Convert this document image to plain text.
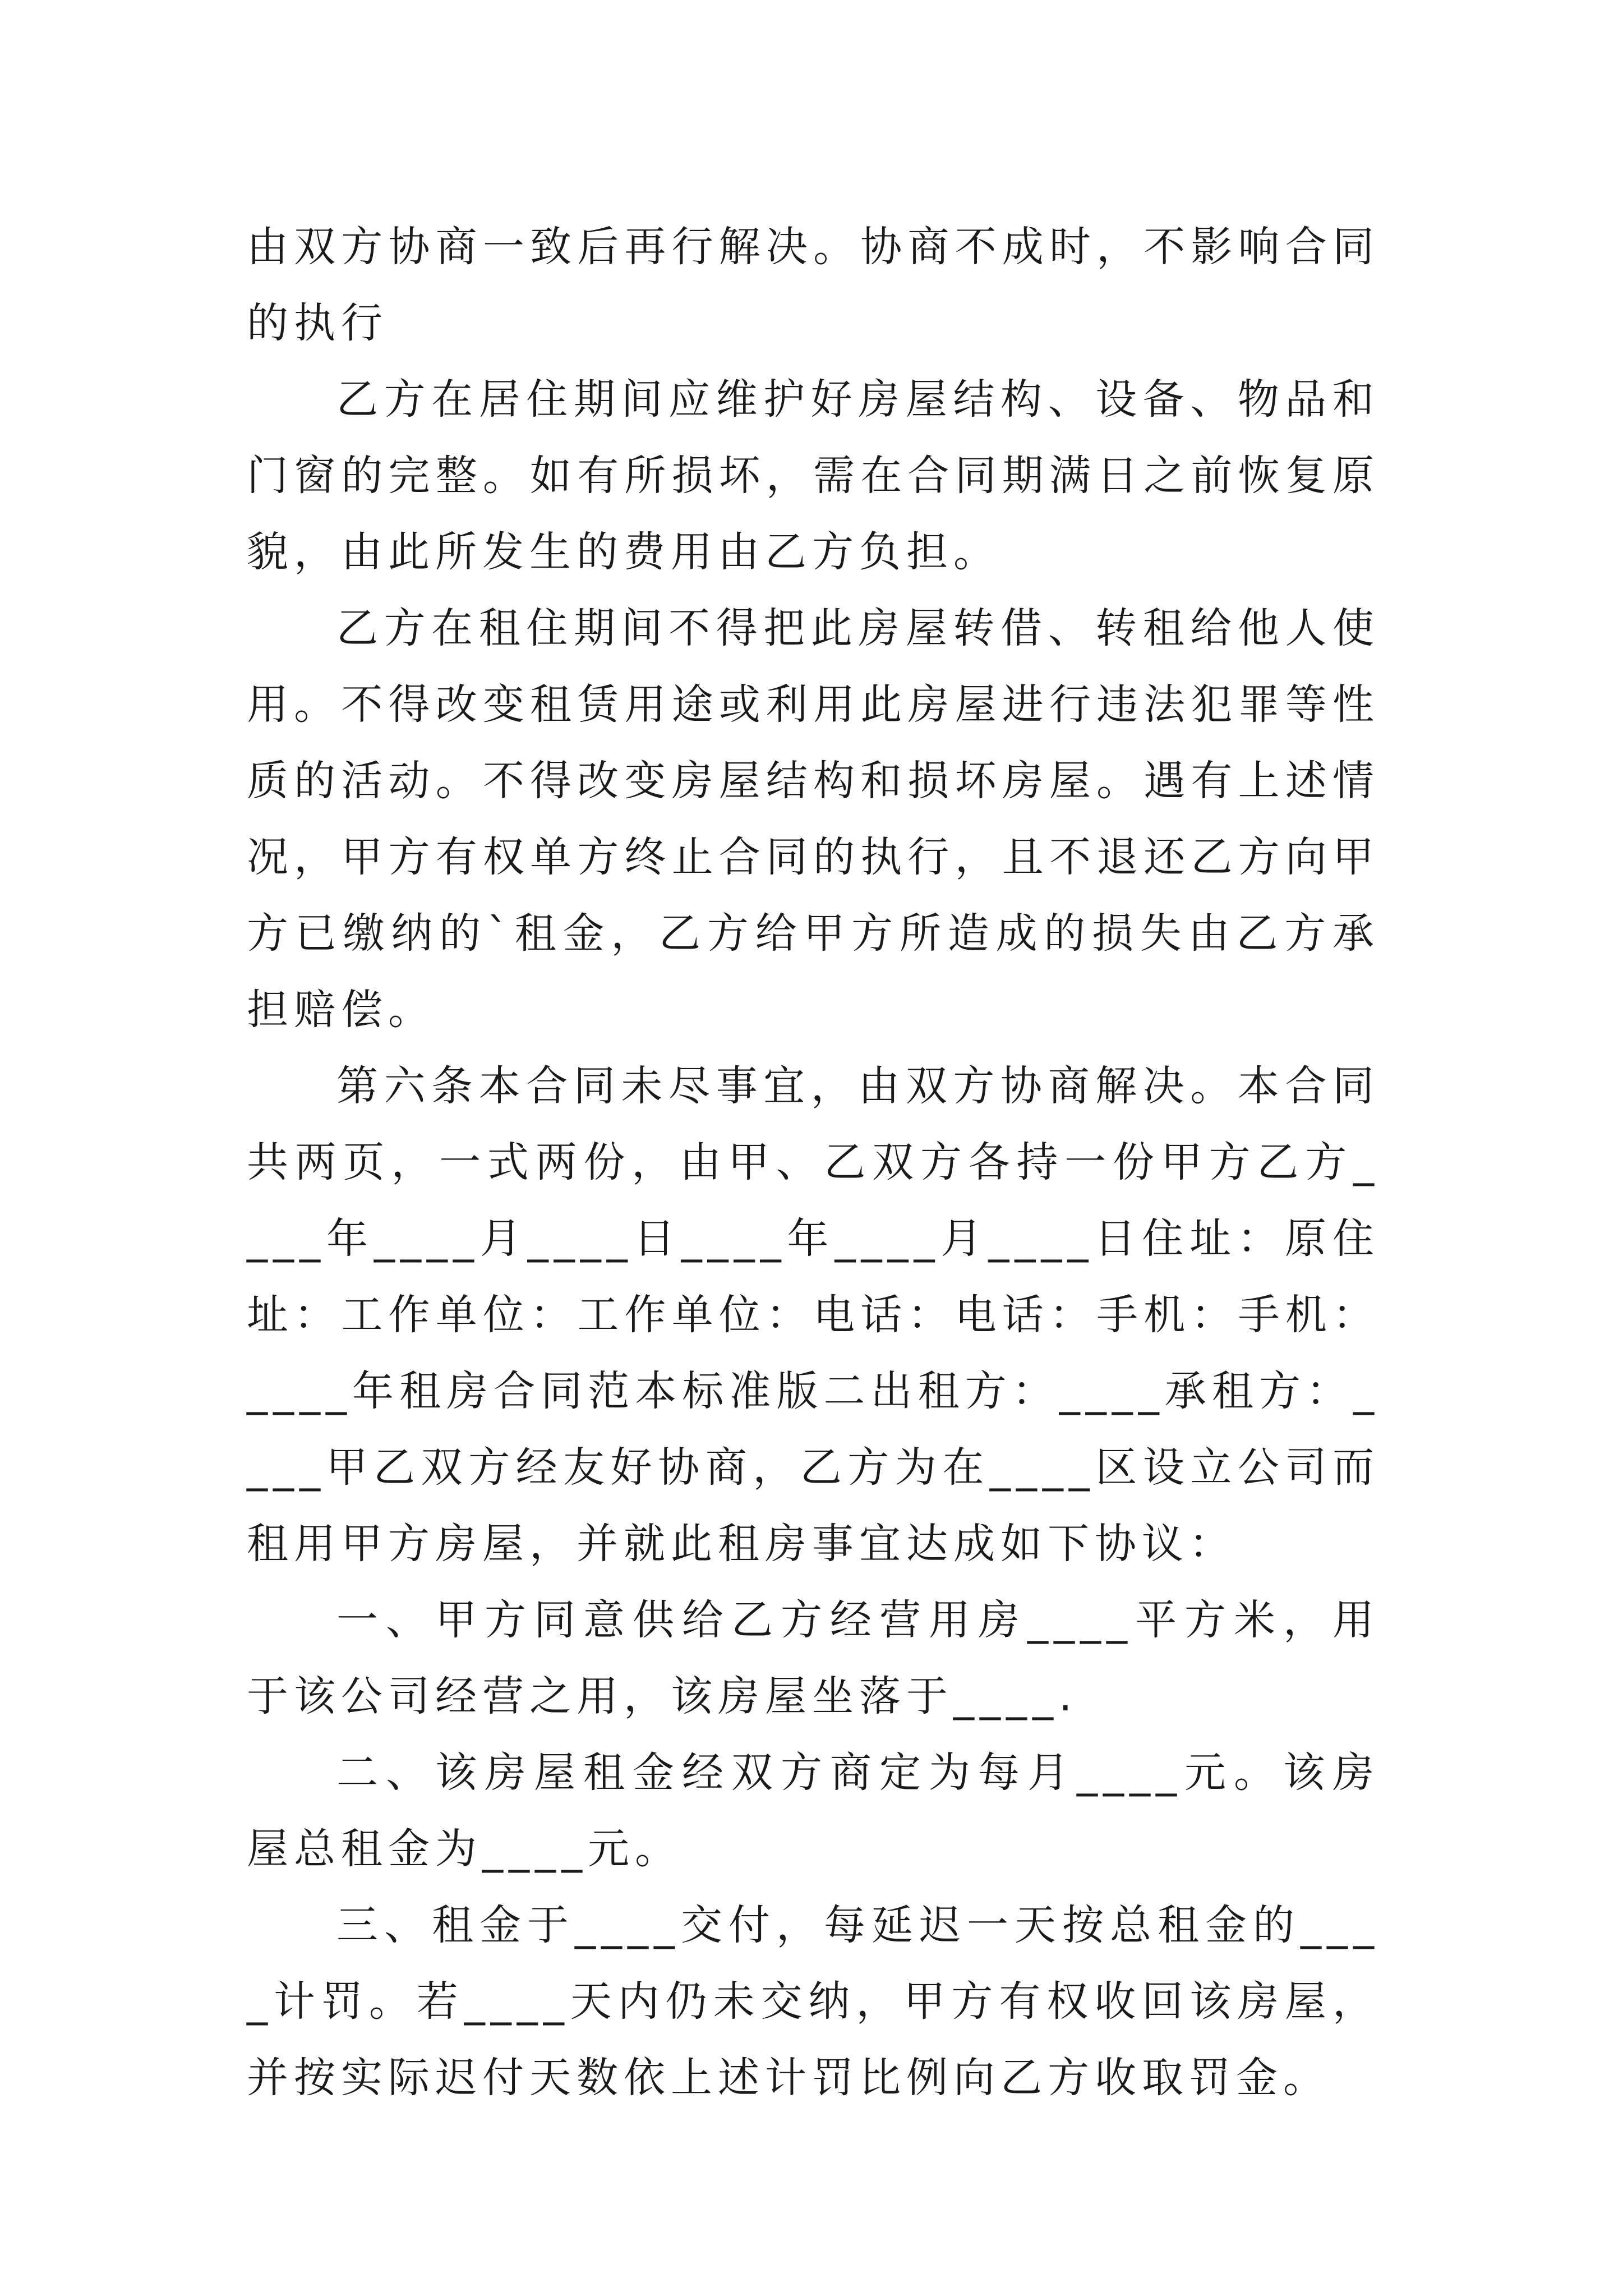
由双方协商一致后再行解决。协商不成时，不影响合同的执行

乙方在居住期间应维护好房屋结构、设备、物品和门窗的完整。如有所损坏，需在合同期满日之前恢复原貌，由此所发生的费用由乙方负担。

乙方在租住期间不得把此房屋转借、转租给他人使用。不得改变租赁用途或利用此房屋进行违法犯罪等性质的活动。不得改变房屋结构和损坏房屋。遇有上述情况，甲方有权单方终止合同的执行，且不退还乙方向甲方已缴纳的`租金，乙方给甲方所造成的损失由乙方承担赔偿。

第六条本合同未尽事宜，由双方协商解决。本合同共两页，一式两份，由甲、乙双方各持一份甲方乙方____年____月____日____年____月____日住址：原住址：工作单位：工作单位：电话：电话：手机：手机：____年租房合同范本标准版二出租方：____承租方：____甲乙双方经友好协商，乙方为在____区设立公司而租用甲方房屋，并就此租房事宜达成如下协议：

一、甲方同意供给乙方经营用房____平方米，用于该公司经营之用，该房屋坐落于____.

二、该房屋租金经双方商定为每月____元。该房屋总租金为____元。

三、租金于____交付，每延迟一天按总租金的____计罚。若____天内仍未交纳，甲方有权收回该房屋，并按实际迟付天数依上述计罚比例向乙方收取罚金。
